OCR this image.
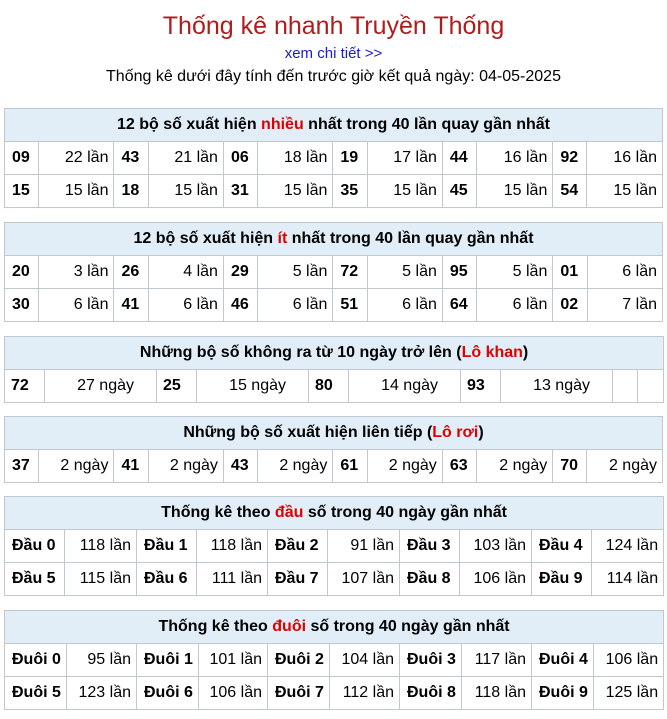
Thống kê nhanh Truyền Thống
xem chi tiết >>
Thống kê dưới đây tính đến trước giờ kết quả ngày: 04-05-2025
12 bộ số xuất hiện nhiều nhất trong 40 lần quay gần nhất											
09	22 lần	43	21 lần	06	18 lần	19	17 lần	44	16 lần	92	16 lần
15	15 lần	18	15 lần	31	15 lần	35	15 lần	45	15 lần	54	15 lần
12 bộ số xuất hiện ít nhất trong 40 lần quay gần nhất											
20	3 lần	26	4 lần	29	5 lần	72	5 lần	95	5 lần	01	6 lần
30	6 lần	41	6 lần	46	6 lần	51	6 lần	64	6 lần	02	7 lần
Những bộ số không ra từ 10 ngày trở lên (Lô khan)
72	27 ngày	25	15 ngày	80	14 ngày	93	13 ngày		
Những bộ số xuất hiện liên tiếp (Lô rơi)
37	2 ngày	41	2 ngày	43	2 ngày	61	2 ngày	63	2 ngày	70	2 ngày
Thống kê theo đầu số trong 40 ngày gần nhất									
Đầu 0	118 lần	Đầu 1	118 lần	Đầu 2	91 lần	Đầu 3	103 lần	Đầu 4	124 lần
Đầu 5	115 lần	Đầu 6	111 lần	Đầu 7	107 lần	Đầu 8	106 lần	Đầu 9	114 lần
Thống kê theo đuôi số trong 40 ngày gần nhất									
Đuôi 0	95 lần	Đuôi 1	101 lần	Đuôi 2	104 lần	Đuôi 3	117 lần	Đuôi 4	106 lần
Đuôi 5	123 lần	Đuôi 6	106 lần	Đuôi 7	112 lần	Đuôi 8	118 lần	Đuôi 9	125 lần
